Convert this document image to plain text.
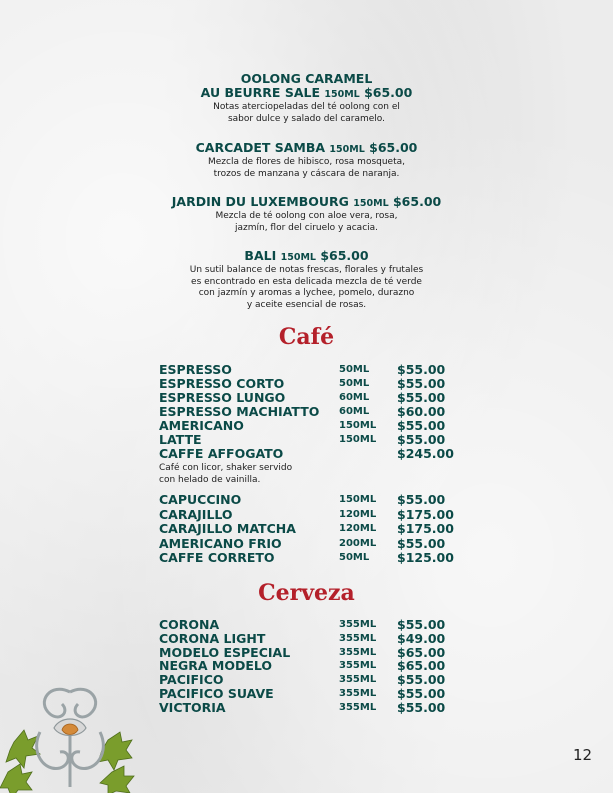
OOLONG CARAMEL
AU BEURRE SALE 150ML $65.00
Notas aterciopeladas del té oolong con el
sabor dulce y salado del caramelo.
CARCADET SAMBA 150ML $65.00
Mezcla de flores de hibisco, rosa mosqueta,
trozos de manzana y cáscara de naranja.
JARDIN DU LUXEMBOURG 150ML $65.00
Mezcla de té oolong con aloe vera, rosa,
jazmín, flor del ciruelo y acacia.
BALI 150ML $65.00
Un sutil balance de notas frescas, florales y frutales
es encontrado en esta delicada mezcla de té verde
con jazmín y aromas a lychee, pomelo, durazno
y aceite esencial de rosas.
Café
ESPRESSO	50ML $55.00
ESPRESSO CORTO	50ML $55.00
ESPRESSO LUNGO	60ML $55.00
ESPRESSO MACHIATTO 60ML $60.00
AMERICANO	150ML $55.00
LATTE	150ML $55.00
CAFFE AFFOGATO	$245.00
Café con licor, shaker servido
con helado de vainilla.
CAPUCCINO	150ML $55.00
CARAJILLO	120ML $175.00
CARAJILLO MATCHA	120ML $175.00
AMERICANO FRIO	200ML $55.00
CAFFE CORRETO	50ML $125.00
Cerveza
CORONA	355ML $55.00
CORONA LIGHT	355ML $49.00
MODELO ESPECIAL	355ML $65.00
NEGRA MODELO	355ML $65.00
PACIFICO	355ML $55.00
PACIFICO SUAVE	355ML $55.00
VICTORIA	355ML $55.00
12
